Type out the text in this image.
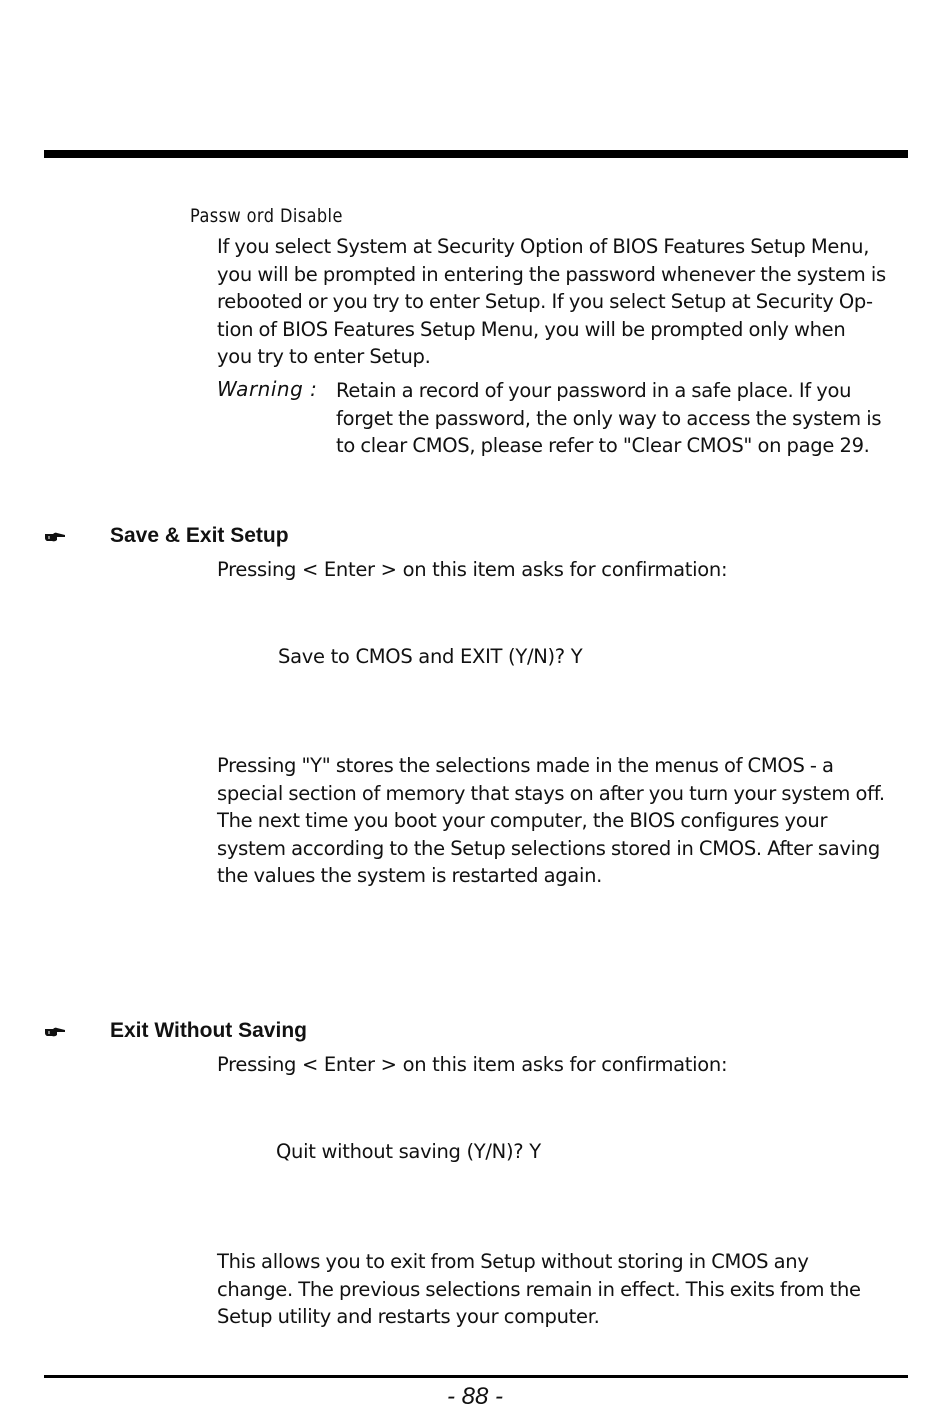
Passw ord Disable
If you select System at Security Option of BIOS Features Setup Menu,
you will be prompted in entering the password whenever the system is
rebooted or you try to enter Setup. If you select Setup at Security Op-
tion of BIOS Features Setup Menu, you will be prompted only when
you try to enter Setup.
Warning : Retain a record of your password in a safe place. If you
forget the password, the only way to access the system is
to clear CMOS, please refer to "Clear CMOS" on page 29.
Save & Exit Setup
Pressing < Enter > on this item asks for confirmation:
Save to CMOS and EXIT (Y/N)? Y
Pressing "Y" stores the selections made in the menus of CMOS - a
special section of memory that stays on after you turn your system off.
The next time you boot your computer, the BIOS configures your
system according to the Setup selections stored in CMOS. After saving
the values the system is restarted again.
Exit Without Saving
Pressing < Enter > on this item asks for confirmation:
Quit without saving (Y/N)? Y
This allows you to exit from Setup without storing in CMOS any
change. The previous selections remain in effect. This exits from the
Setup utility and restarts your computer.
- 88 -
